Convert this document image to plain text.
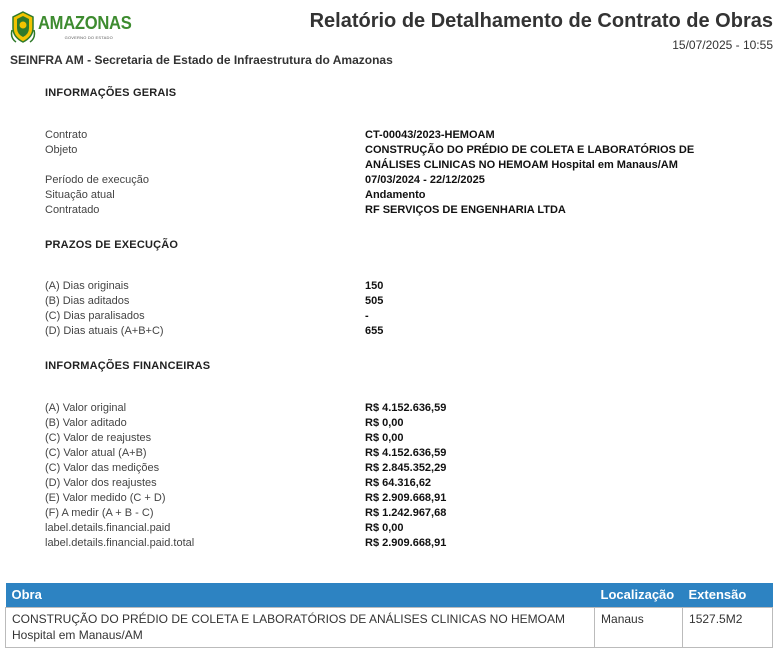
AMAZONAS
GOVERNO DO ESTADO
Relatório de Detalhamento de Contrato de Obras
15/07/2025 - 10:55
SEINFRA AM - Secretaria de Estado de Infraestrutura do Amazonas
INFORMAÇÕES GERAIS
Contrato	CT-00043/2023-HEMOAM
Objeto	CONSTRUÇÃO DO PRÉDIO DE COLETA E LABORATÓRIOS DE ANÁLISES CLINICAS NO HEMOAM Hospital em Manaus/AM
Período de execução	07/03/2024 - 22/12/2025
Situação atual	Andamento
Contratado	RF SERVIÇOS DE ENGENHARIA LTDA
PRAZOS DE EXECUÇÃO
(A) Dias originais	150
(B) Dias aditados	505
(C) Dias paralisados	-
(D) Dias atuais (A+B+C)	655
INFORMAÇÕES FINANCEIRAS
(A) Valor original	R$ 4.152.636,59
(B) Valor aditado	R$ 0,00
(C) Valor de reajustes	R$ 0,00
(C) Valor atual (A+B)	R$ 4.152.636,59
(C) Valor das medições	R$ 2.845.352,29
(D) Valor dos reajustes	R$ 64.316,62
(E) Valor medido (C + D)	R$ 2.909.668,91
(F) A medir (A + B - C)	R$ 1.242.967,68
label.details.financial.paid	R$ 0,00
label.details.financial.paid.total	R$ 2.909.668,91
Obra	Localização	Extensão
CONSTRUÇÃO DO PRÉDIO DE COLETA E LABORATÓRIOS DE ANÁLISES CLINICAS NO HEMOAM Hospital em Manaus/AM	Manaus	1527.5M2
